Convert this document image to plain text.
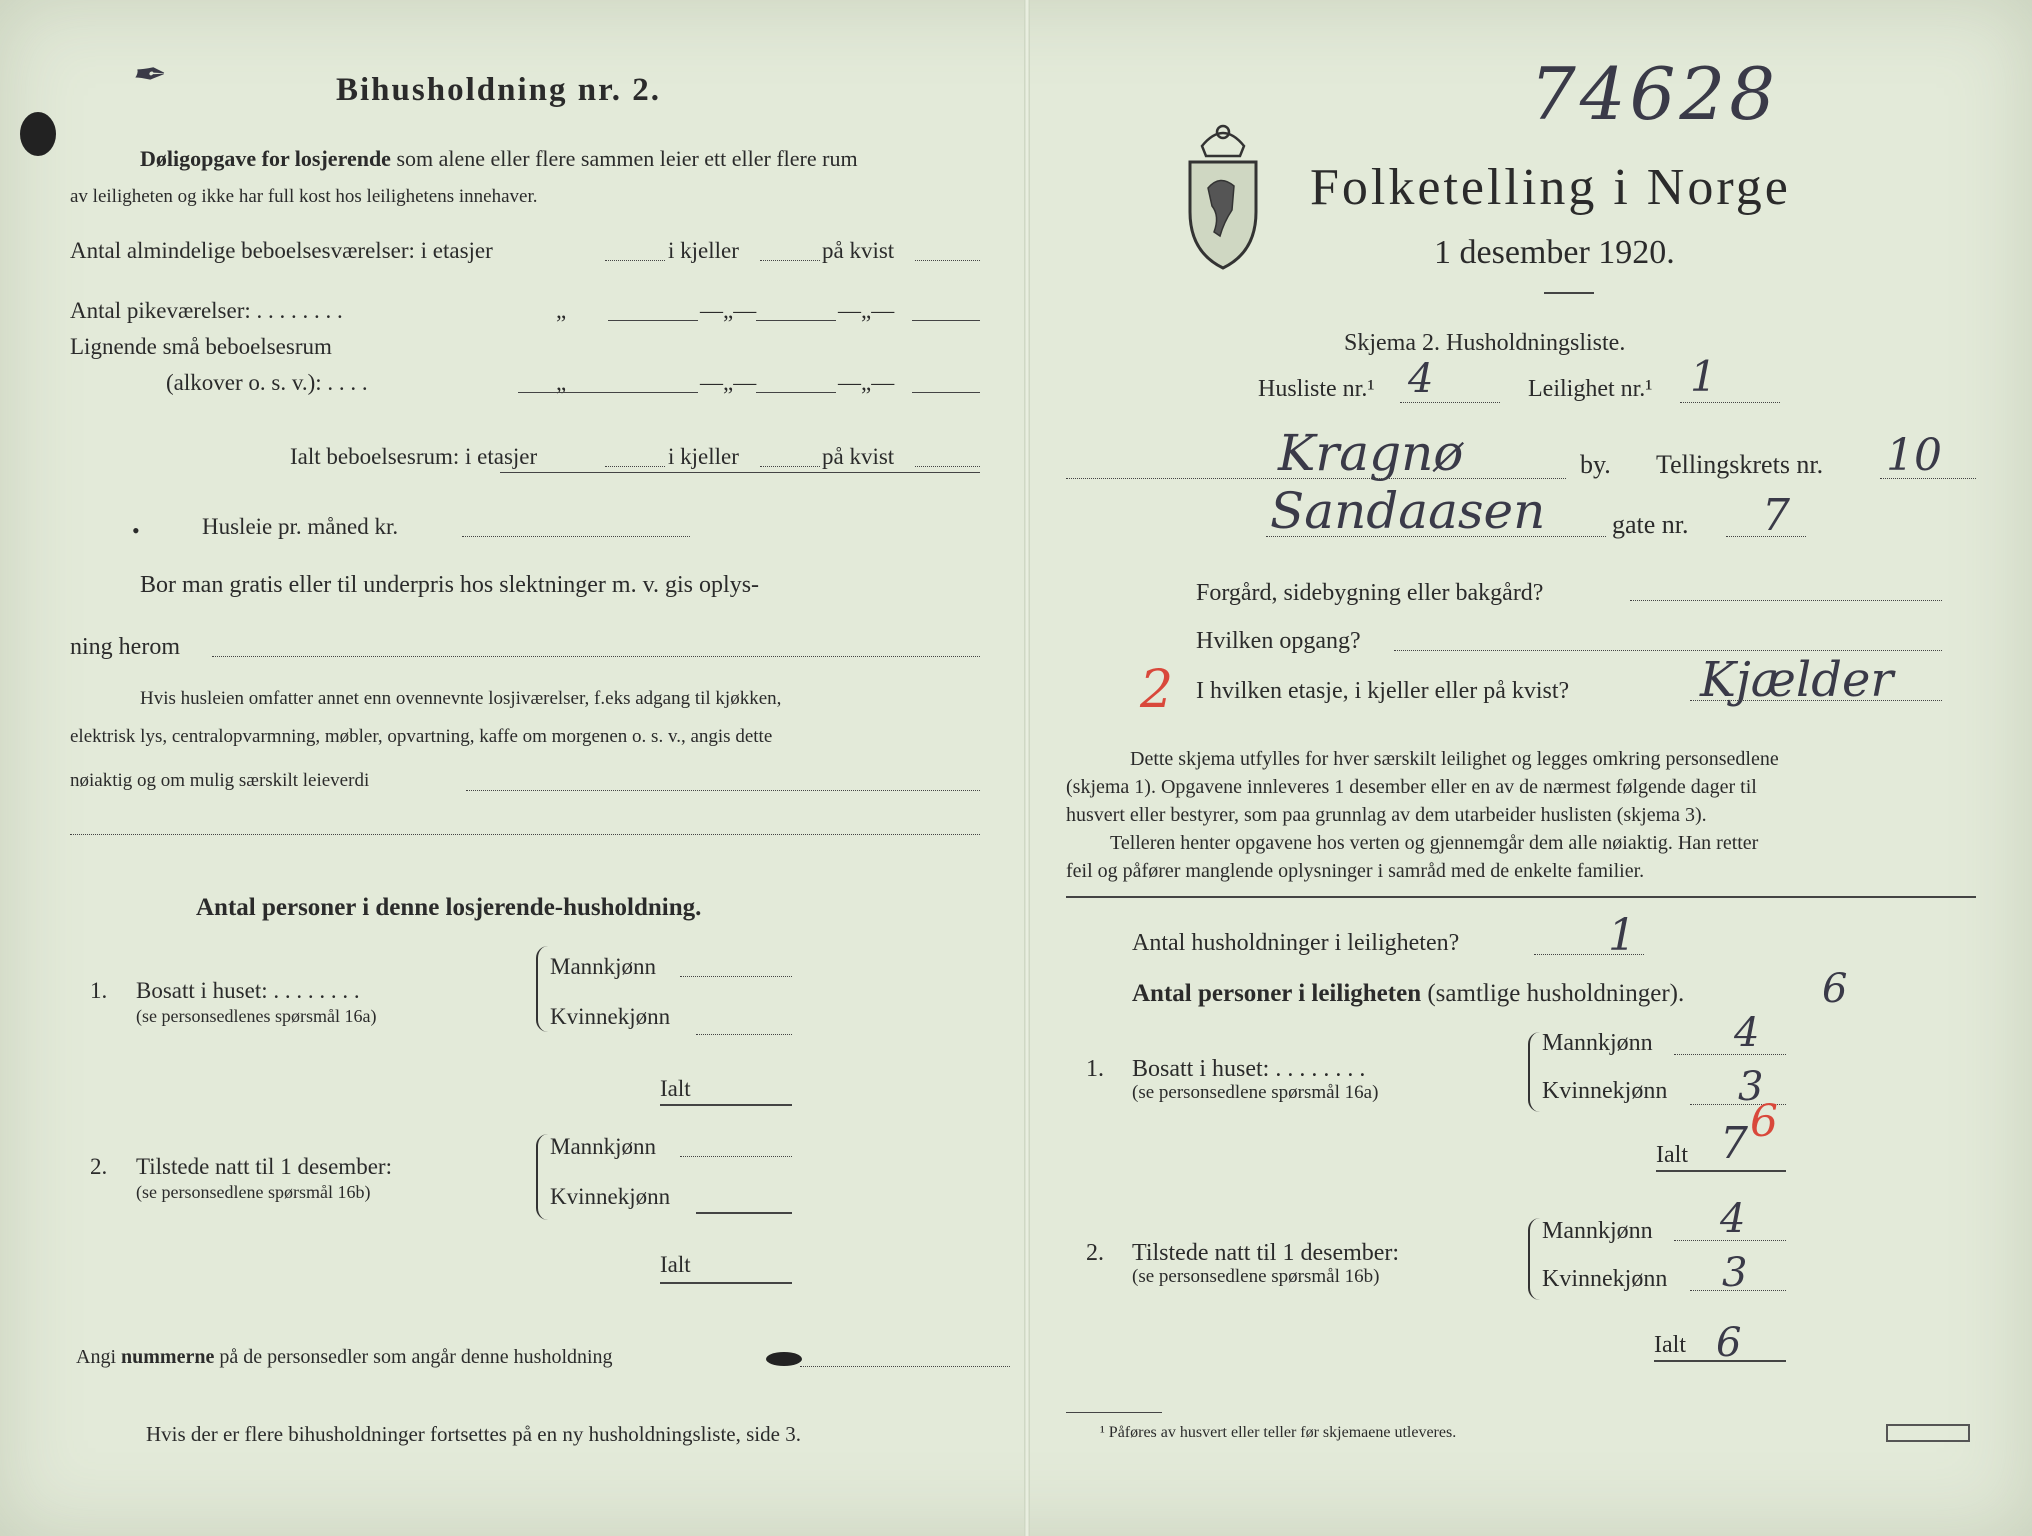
✒	Bihusholdning nr. 2.
Døligopgave for losjerende som alene eller flere sammen leier ett eller flere rum
av leiligheten og ikke har full kost hos leilighetens innehaver.
Antal almindelige beboelsesværelser: i etasjer	i kjeller	på kvist
Antal pikeværelser: . . . . . . . .	„	—„—	—„—
Lignende små beboelsesrum
(alkover o. s. v.): . . . .	„	—„—	—„—
Ialt beboelsesrum: i etasjer	i kjeller	på kvist
•	Husleie pr. måned kr.
Bor man gratis eller til underpris hos slektninger m. v. gis oplys-
ning herom
Hvis husleien omfatter annet enn ovennevnte losjiværelser, f.eks adgang til kjøkken,
elektrisk lys, centralopvarmning, møbler, opvartning, kaffe om morgenen o. s. v., angis dette
nøiaktig og om mulig særskilt leieverdi
Antal personer i denne losjerende-husholdning.
1. Bosatt i huset: . . . . . . . .
(se personsedlenes spørsmål 16a)
Mannkjønn
Kvinnekjønn
Ialt
2. Tilstede natt til 1 desember:
(se personsedlene spørsmål 16b)
Mannkjønn
Kvinnekjønn
Ialt
Angi nummerne på de personsedler som angår denne husholdning
Hvis der er flere bihusholdninger fortsettes på en ny husholdningsliste, side 3.
74628
Folketelling i Norge
1 desember 1920.
Skjema 2. Husholdningsliste.
Husliste nr.¹ 4	Leilighet nr.¹ 1
Kragnø	by. Tellingskrets nr. 10
Sandaasen	gate nr. 7
Forgård, sidebygning eller bakgård?
Hvilken opgang?
2 I hvilken etasje, i kjeller eller på kvist?	Kjælder
Dette skjema utfylles for hver særskilt leilighet og legges omkring personsedlene
(skjema 1). Opgavene innleveres 1 desember eller en av de nærmest følgende dager til
husvert eller bestyrer, som paa grunnlag av dem utarbeider huslisten (skjema 3).
Telleren henter opgavene hos verten og gjennemgår dem alle nøiaktig. Han retter
feil og påfører manglende oplysninger i samråd med de enkelte familier.
Antal husholdninger i leiligheten?	1
Antal personer i leiligheten (samtlige husholdninger).	6
1. Bosatt i huset: . . . . . . . .
(se personsedlene spørsmål 16a)
Mannkjønn 4
Kvinnekjønn 3
Ialt 7 6
2. Tilstede natt til 1 desember:
(se personsedlene spørsmål 16b)
Mannkjønn 4
Kvinnekjønn 3
Ialt 6
¹ Påføres av husvert eller teller før skjemaene utleveres.
